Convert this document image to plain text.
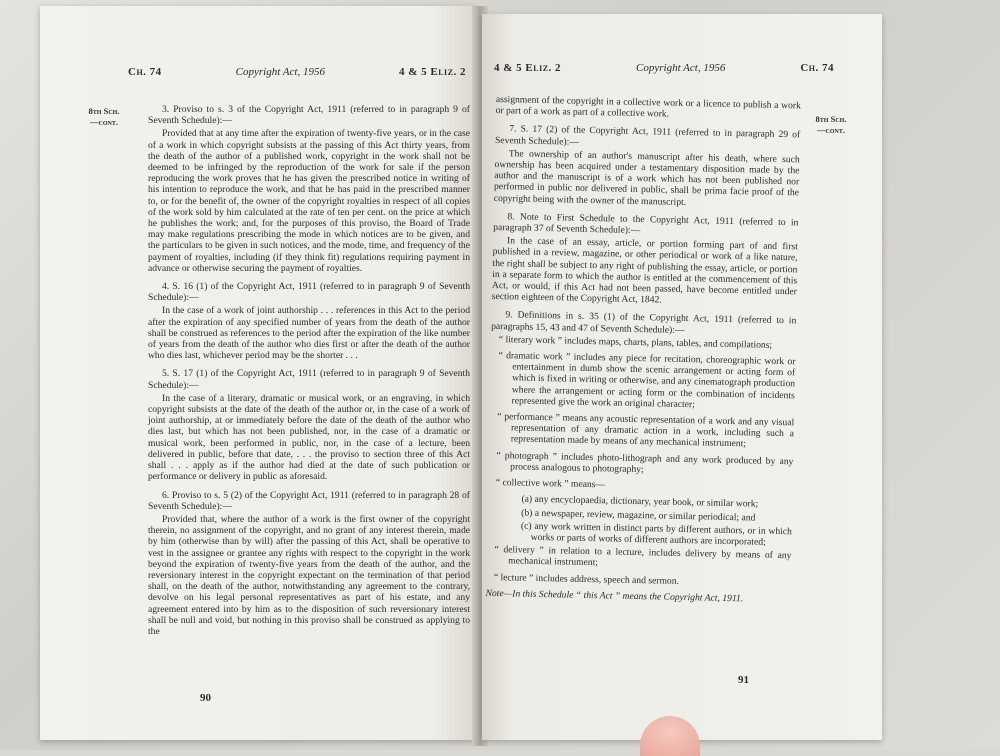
Ch. 74	Copyright Act, 1956	4 & 5 Eliz. 2
8th Sch.
—cont.

3. Proviso to s. 3 of the Copyright Act, 1911 (referred to in paragraph 9 of Seventh Schedule):—

Provided that at any time after the expiration of twenty-five years, or in the case of a work in which copyright subsists at the passing of this Act thirty years, from the death of the author of a published work, copyright in the work shall not be deemed to be infringed by the reproduction of the work for sale if the person reproducing the work proves that he has given the prescribed notice in writing of his intention to reproduce the work, and that he has paid in the prescribed manner to, or for the benefit of, the owner of the copyright royalties in respect of all copies of the work sold by him calculated at the rate of ten per cent. on the price at which he publishes the work; and, for the purposes of this proviso, the Board of Trade may make regulations prescribing the mode in which notices are to be given, and the particulars to be given in such notices, and the mode, time, and frequency of the payment of royalties, including (if they think fit) regulations requiring payment in advance or otherwise securing the payment of royalties.

4. S. 16 (1) of the Copyright Act, 1911 (referred to in paragraph 9 of Seventh Schedule):—

In the case of a work of joint authorship . . . references in this Act to the period after the expiration of any specified number of years from the death of the author shall be construed as references to the period after the expiration of the like number of years from the death of the author who dies first or after the death of the author who dies last, whichever period may be the shorter . . .

5. S. 17 (1) of the Copyright Act, 1911 (referred to in paragraph 9 of Seventh Schedule):—

In the case of a literary, dramatic or musical work, or an engraving, in which copyright subsists at the date of the death of the author or, in the case of a work of joint authorship, at or immediately before the date of the death of the author who dies last, but which has not been published, nor, in the case of a dramatic or musical work, been performed in public, nor, in the case of a lecture, been delivered in public, before that date, . . . the proviso to section three of this Act shall . . . apply as if the author had died at the date of such publication or performance or delivery in public as aforesaid.

6. Proviso to s. 5 (2) of the Copyright Act, 1911 (referred to in paragraph 28 of Seventh Schedule):—

Provided that, where the author of a work is the first owner of the copyright therein, no assignment of the copyright, and no grant of any interest therein, made by him (otherwise than by will) after the passing of this Act, shall be operative to vest in the assignee or grantee any rights with respect to the copyright in the work beyond the expiration of twenty-five years from the death of the author, and the reversionary interest in the copyright expectant on the termination of that period shall, on the death of the author, notwithstanding any agreement to the contrary, devolve on his legal personal representatives as part of his estate, and any agreement entered into by him as to the disposition of such reversionary interest shall be null and void, but nothing in this proviso shall be construed as applying to the

90
4 & 5 Eliz. 2	Copyright Act, 1956	Ch. 74
8th Sch.
—cont.

assignment of the copyright in a collective work or a licence to publish a work or part of a work as part of a collective work.

7. S. 17 (2) of the Copyright Act, 1911 (referred to in paragraph 29 of Seventh Schedule):—

The ownership of an author's manuscript after his death, where such ownership has been acquired under a testamentary disposition made by the author and the manuscript is of a work which has not been published nor performed in public nor delivered in public, shall be prima facie proof of the copyright being with the owner of the manuscript.

8. Note to First Schedule to the Copyright Act, 1911 (referred to in paragraph 37 of Seventh Schedule):—

In the case of an essay, article, or portion forming part of and first published in a review, magazine, or other periodical or work of a like nature, the right shall be subject to any right of publishing the essay, article, or portion in a separate form to which the author is entitled at the commencement of this Act, or would, if this Act had not been passed, have become entitled under section eighteen of the Copyright Act, 1842.

9. Definitions in s. 35 (1) of the Copyright Act, 1911 (referred to in paragraphs 15, 43 and 47 of Seventh Schedule):—

“ literary work ” includes maps, charts, plans, tables, and compilations;
“ dramatic work ” includes any piece for recitation, choreographic work or entertainment in dumb show the scenic arrangement or acting form of which is fixed in writing or otherwise, and any cinematograph production where the arrangement or acting form or the combination of incidents represented give the work an original character;
“ performance ” means any acoustic representation of a work and any visual representation of any dramatic action in a work, including such a representation made by means of any mechanical instrument;
“ photograph ” includes photo-lithograph and any work produced by any process analogous to photography;
“ collective work ” means—
(a) any encyclopaedia, dictionary, year book, or similar work;
(b) a newspaper, review, magazine, or similar periodical; and
(c) any work written in distinct parts by different authors, or in which works or parts of works of different authors are incorporated;
“ delivery ” in relation to a lecture, includes delivery by means of any mechanical instrument;
“ lecture ” includes address, speech and sermon.

Note—In this Schedule “ this Act ” means the Copyright Act, 1911.

91
